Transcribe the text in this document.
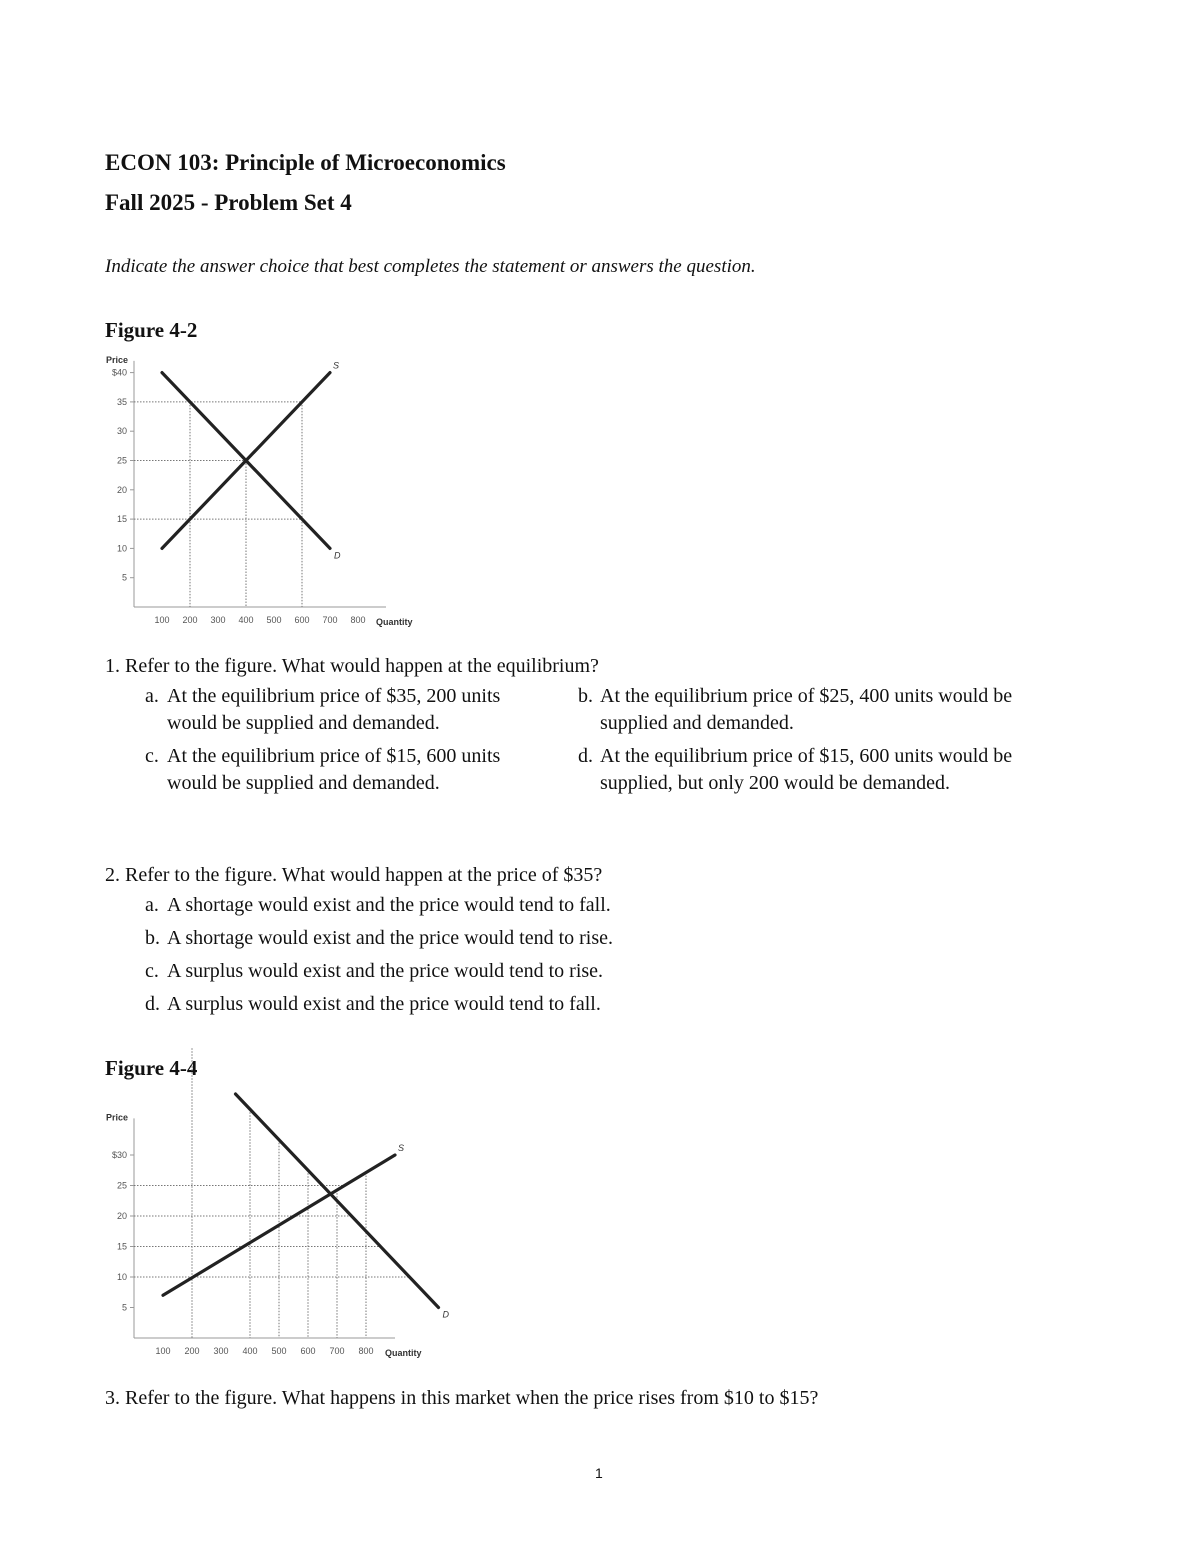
ECON 103: Principle of Microeconomics
Fall 2025 - Problem Set 4
Indicate the answer choice that best completes the statement or answers the question.
Figure 4-2
Price
Quantity
$40
35
30
25
20
15
10
5
100 200 300 400 500 600 700 800
S
D
1. Refer to the figure. What would happen at the equilibrium?
a. At the equilibrium price of $35, 200 units would be supplied and demanded.
b. At the equilibrium price of $25, 400 units would be supplied and demanded.
c. At the equilibrium price of $15, 600 units would be supplied and demanded.
d. At the equilibrium price of $15, 600 units would be supplied, but only 200 would be demanded.
2. Refer to the figure. What would happen at the price of $35?
a. A shortage would exist and the price would tend to fall.
b. A shortage would exist and the price would tend to rise.
c. A surplus would exist and the price would tend to rise.
d. A surplus would exist and the price would tend to fall.
Figure 4-4
Price
Quantity
$30
25
20
15
10
5
100 200 300 400 500 600 700 800
S
D
3. Refer to the figure. What happens in this market when the price rises from $10 to $15?
1
